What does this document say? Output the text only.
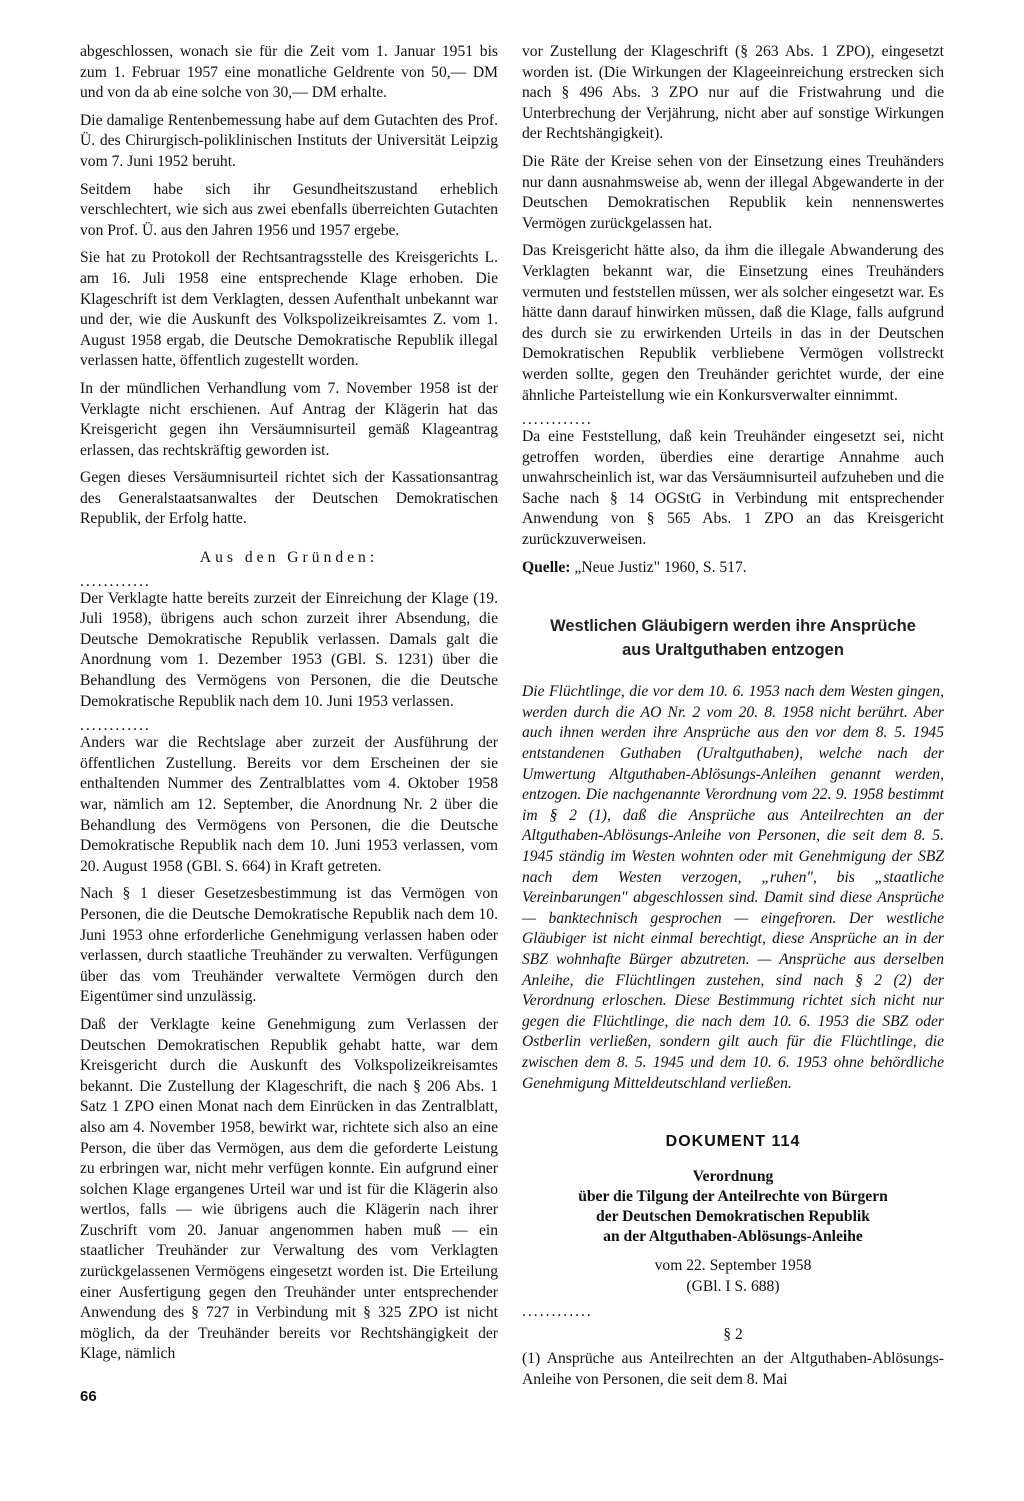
abgeschlossen, wonach sie für die Zeit vom 1. Januar 1951 bis zum 1. Februar 1957 eine monatliche Geldrente von 50,— DM und von da ab eine solche von 30,— DM erhalte.

Die damalige Rentenbemessung habe auf dem Gutachten des Prof. Ü. des Chirurgisch-poliklinischen Instituts der Universität Leipzig vom 7. Juni 1952 beruht.

Seitdem habe sich ihr Gesundheitszustand erheblich verschlechtert, wie sich aus zwei ebenfalls überreichten Gutachten von Prof. Ü. aus den Jahren 1956 und 1957 ergebe.

Sie hat zu Protokoll der Rechtsantragsstelle des Kreisgerichts L. am 16. Juli 1958 eine entsprechende Klage erhoben. Die Klageschrift ist dem Verklagten, dessen Aufenthalt unbekannt war und der, wie die Auskunft des Volkspolizeikreisamtes Z. vom 1. August 1958 ergab, die Deutsche Demokratische Republik illegal verlassen hatte, öffentlich zugestellt worden.

In der mündlichen Verhandlung vom 7. November 1958 ist der Verklagte nicht erschienen. Auf Antrag der Klägerin hat das Kreisgericht gegen ihn Versäumnisurteil gemäß Klageantrag erlassen, das rechtskräftig geworden ist.

Gegen dieses Versäumnisurteil richtet sich der Kassationsantrag des Generalstaatsanwaltes der Deutschen Demokratischen Republik, der Erfolg hatte.

Aus den Gründen:
............

Der Verklagte hatte bereits zurzeit der Einreichung der Klage (19. Juli 1958), übrigens auch schon zurzeit ihrer Absendung, die Deutsche Demokratische Republik verlassen. Damals galt die Anordnung vom 1. Dezember 1953 (GBl. S. 1231) über die Behandlung des Vermögens von Personen, die die Deutsche Demokratische Republik nach dem 10. Juni 1953 verlassen.

............

Anders war die Rechtslage aber zurzeit der Ausführung der öffentlichen Zustellung. Bereits vor dem Erscheinen der sie enthaltenden Nummer des Zentralblattes vom 4. Oktober 1958 war, nämlich am 12. September, die Anordnung Nr. 2 über die Behandlung des Vermögens von Personen, die die Deutsche Demokratische Republik nach dem 10. Juni 1953 verlassen, vom 20. August 1958 (GBl. S. 664) in Kraft getreten.

Nach § 1 dieser Gesetzesbestimmung ist das Vermögen von Personen, die die Deutsche Demokratische Republik nach dem 10. Juni 1953 ohne erforderliche Genehmigung verlassen haben oder verlassen, durch staatliche Treuhänder zu verwalten. Verfügungen über das vom Treuhänder verwaltete Vermögen durch den Eigentümer sind unzulässig.

Daß der Verklagte keine Genehmigung zum Verlassen der Deutschen Demokratischen Republik gehabt hatte, war dem Kreisgericht durch die Auskunft des Volkspolizeikreisamtes bekannt. Die Zustellung der Klageschrift, die nach § 206 Abs. 1 Satz 1 ZPO einen Monat nach dem Einrücken in das Zentralblatt, also am 4. November 1958, bewirkt war, richtete sich also an eine Person, die über das Vermögen, aus dem die geforderte Leistung zu erbringen war, nicht mehr verfügen konnte. Ein aufgrund einer solchen Klage ergangenes Urteil war und ist für die Klägerin also wertlos, falls — wie übrigens auch die Klägerin nach ihrer Zuschrift vom 20. Januar angenommen haben muß — ein staatlicher Treuhänder zur Verwaltung des vom Verklagten zurückgelassenen Vermögens eingesetzt worden ist. Die Erteilung einer Ausfertigung gegen den Treuhänder unter entsprechender Anwendung des § 727 in Verbindung mit § 325 ZPO ist nicht möglich, da der Treuhänder bereits vor Rechtshängigkeit der Klage, nämlich

vor Zustellung der Klageschrift (§ 263 Abs. 1 ZPO), eingesetzt worden ist. (Die Wirkungen der Klageeinreichung erstrecken sich nach § 496 Abs. 3 ZPO nur auf die Fristwahrung und die Unterbrechung der Verjährung, nicht aber auf sonstige Wirkungen der Rechtshängigkeit).

Die Räte der Kreise sehen von der Einsetzung eines Treuhänders nur dann ausnahmsweise ab, wenn der illegal Abgewanderte in der Deutschen Demokratischen Republik kein nennenswertes Vermögen zurückgelassen hat.

Das Kreisgericht hätte also, da ihm die illegale Abwanderung des Verklagten bekannt war, die Einsetzung eines Treuhänders vermuten und feststellen müssen, wer als solcher eingesetzt war. Es hätte dann darauf hinwirken müssen, daß die Klage, falls aufgrund des durch sie zu erwirkenden Urteils in das in der Deutschen Demokratischen Republik verbliebene Vermögen vollstreckt werden sollte, gegen den Treuhänder gerichtet wurde, der eine ähnliche Parteistellung wie ein Konkursverwalter einnimmt.

............

Da eine Feststellung, daß kein Treuhänder eingesetzt sei, nicht getroffen worden, überdies eine derartige Annahme auch unwahrscheinlich ist, war das Versäumnisurteil aufzuheben und die Sache nach § 14 OGStG in Verbindung mit entsprechender Anwendung von § 565 Abs. 1 ZPO an das Kreisgericht zurückzuverweisen.

Quelle: „Neue Justiz" 1960, S. 517.
Westlichen Gläubigern werden ihre Ansprüche
aus Uraltguthaben entzogen
Die Flüchtlinge, die vor dem 10. 6. 1953 nach dem Westen gingen, werden durch die AO Nr. 2 vom 20. 8. 1958 nicht berührt. Aber auch ihnen werden ihre Ansprüche aus den vor dem 8. 5. 1945 entstandenen Guthaben (Uraltguthaben), welche nach der Umwertung Altguthaben-Ablösungs-Anleihen genannt werden, entzogen. Die nachgenannte Verordnung vom 22. 9. 1958 bestimmt im § 2 (1), daß die Ansprüche aus Anteilrechten an der Altguthaben-Ablösungs-Anleihe von Personen, die seit dem 8. 5. 1945 ständig im Westen wohnten oder mit Genehmigung der SBZ nach dem Westen verzogen, „ruhen", bis „staatliche Vereinbarungen" abgeschlossen sind. Damit sind diese Ansprüche — banktechnisch gesprochen — eingefroren. Der westliche Gläubiger ist nicht einmal berechtigt, diese Ansprüche an in der SBZ wohnhafte Bürger abzutreten. — Ansprüche aus derselben Anleihe, die Flüchtlingen zustehen, sind nach § 2 (2) der Verordnung erloschen. Diese Bestimmung richtet sich nicht nur gegen die Flüchtlinge, die nach dem 10. 6. 1953 die SBZ oder Ostberlin verließen, sondern gilt auch für die Flüchtlinge, die zwischen dem 8. 5. 1945 und dem 10. 6. 1953 ohne behördliche Genehmigung Mitteldeutschland verließen.
DOKUMENT 114
Verordnung
über die Tilgung der Anteilrechte von Bürgern
der Deutschen Demokratischen Republik
an der Altguthaben-Ablösungs-Anleihe
vom 22. September 1958
(GBl. I S. 688)
............
§ 2

(1) Ansprüche aus Anteilrechten an der Altguthaben-Ablösungs-Anleihe von Personen, die seit dem 8. Mai

66
